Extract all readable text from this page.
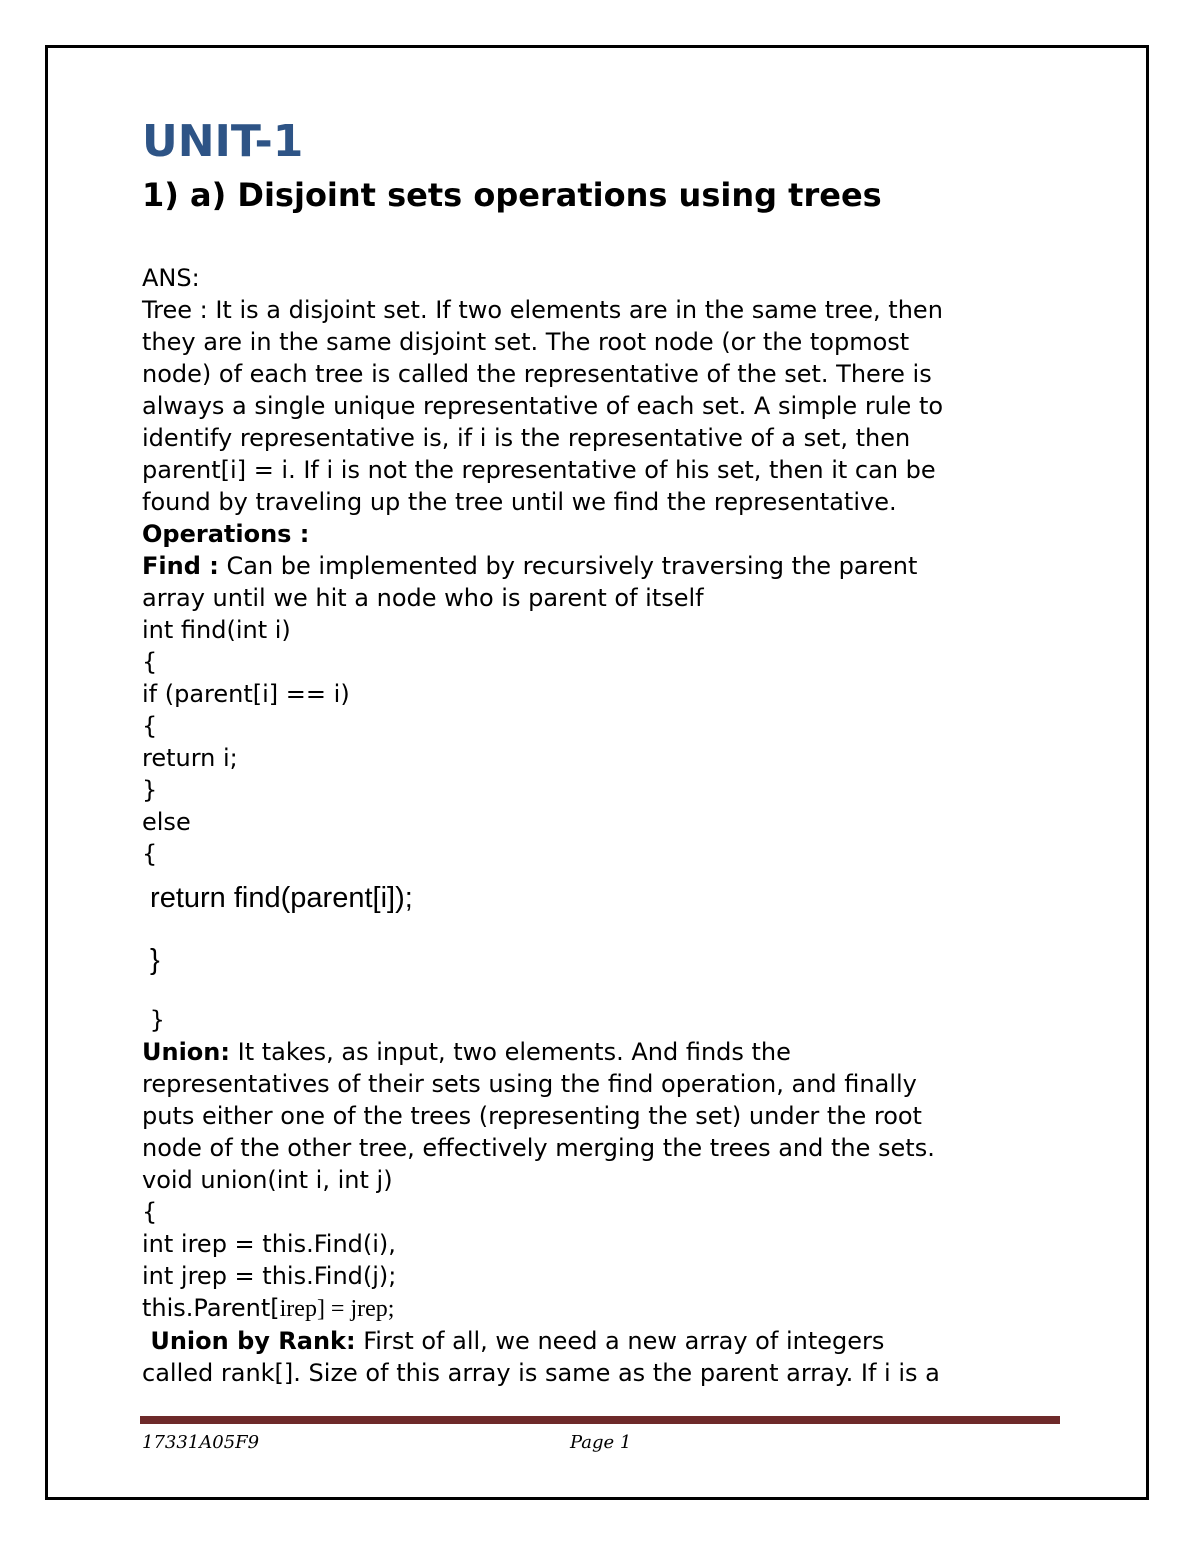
UNIT-1
1) a) Disjoint sets operations using trees
ANS:
Tree : It is a disjoint set. If two elements are in the same tree, then
they are in the same disjoint set. The root node (or the topmost
node) of each tree is called the representative of the set. There is
always a single unique representative of each set. A simple rule to
identify representative is, if i is the representative of a set, then
parent[i] = i. If i is not the representative of his set, then it can be
found by traveling up the tree until we find the representative.
Operations :
Find : Can be implemented by recursively traversing the parent
array until we hit a node who is parent of itself
int find(int i)
{
if (parent[i] == i)
{
return i;
}
else
{
return find(parent[i]);
}
}
Union: It takes, as input, two elements. And finds the
representatives of their sets using the find operation, and finally
puts either one of the trees (representing the set) under the root
node of the other tree, effectively merging the trees and the sets.
void union(int i, int j)
{
int irep = this.Find(i),
int jrep = this.Find(j);
this.Parent[irep] = jrep;
Union by Rank: First of all, we need a new array of integers
called rank[]. Size of this array is same as the parent array. If i is a
17331A05F9	Page 1
